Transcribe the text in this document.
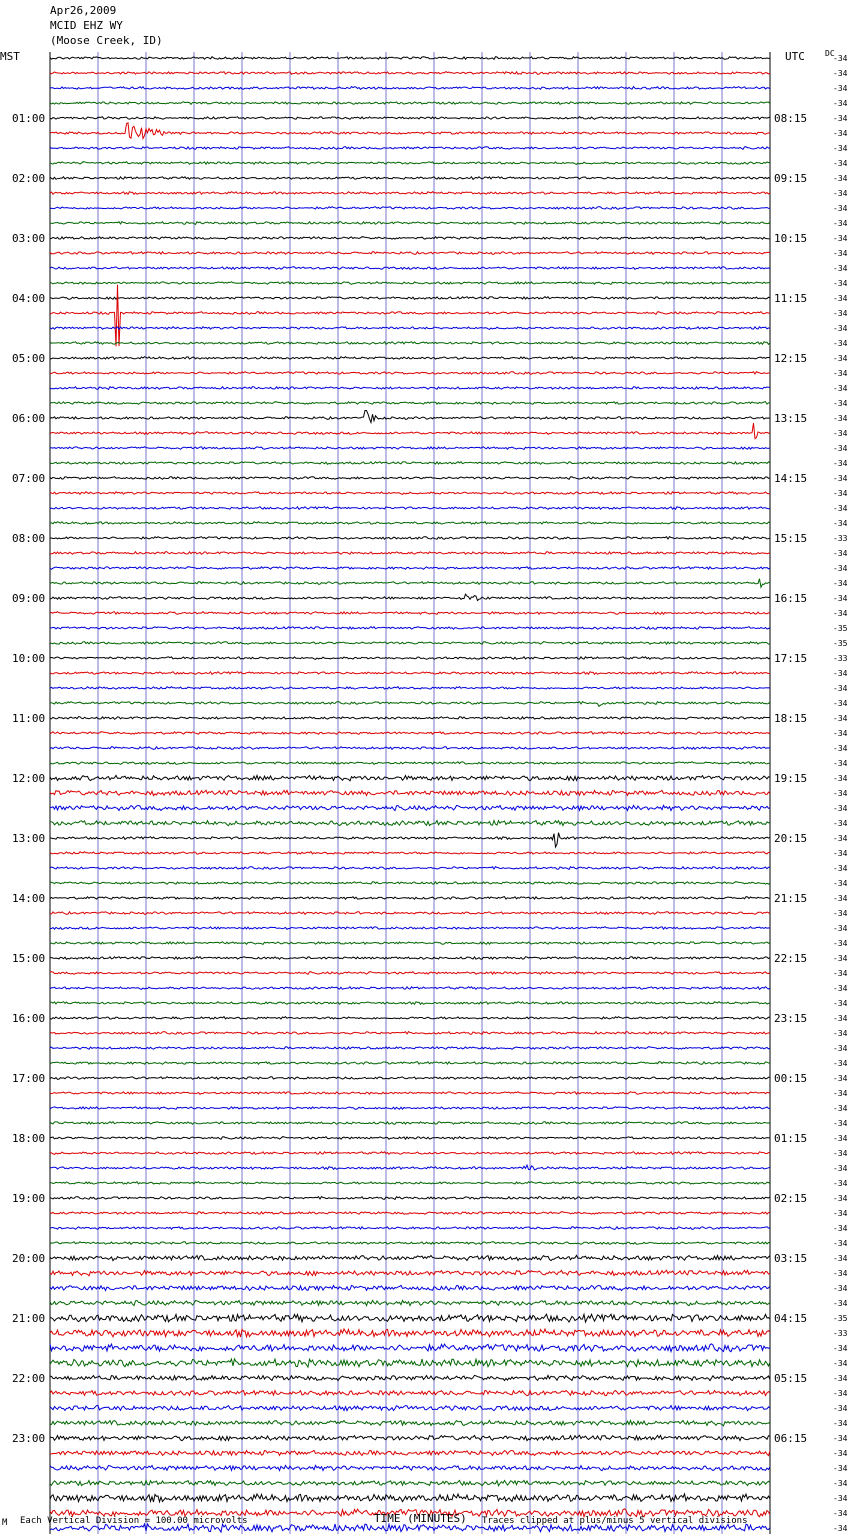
Apr26,2009
MCID EHZ WY
(Moose Creek, ID)
MST	UTC	DC
-34
-34
-34
-34
-34
-34
-34
-34
-34
-34
-34
-34
-34
-34
-34
-34
-34
-34
-34
-34
-34
-34
-34
-34
-34
-34
-34
-34
-34
-34
-34
-34
-33
-34
-34
-34
-34
-34
-35
-35
-33
-34
-34
-34
-34
-34
-34
-34
-34
-34
-34
-34
-34
-34
-34
-34
-34
-34
-34
-34
-34
-34
-34
-34
-34
-34
-34
-34
-34
-34
-34
-34
-34
-34
-34
-34
-34
-34
-34
-34
-34
-34
-34
-34
-35
-33
-34
-34
-34
-34
-34
-34
-34
-34
-34
-34
-34
-34
-34
01:00	08:15
02:00	09:15
03:00	10:15
04:00	11:15
05:00	12:15
06:00	13:15
07:00	14:15
08:00	15:15
09:00	16:15
10:00	17:15
11:00	18:15
12:00	19:15
13:00	20:15
14:00	21:15
15:00	22:15
16:00	23:15
17:00	00:15
18:00	01:15
19:00	02:15
20:00	03:15
21:00	04:15
22:00	05:15
23:00	06:15
M Each Vertical Division = 100.00 microvolts	TIME (MINUTES) Traces clipped at plus/minus 5 vertical divisions
